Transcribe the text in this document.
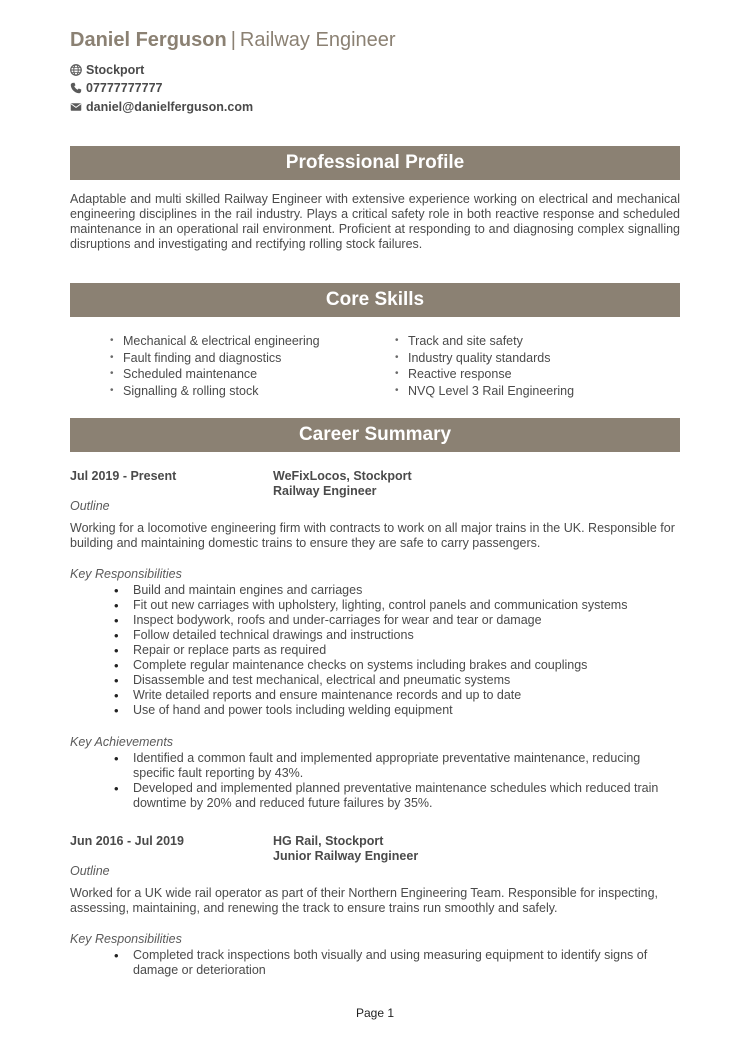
Daniel Ferguson | Railway Engineer
Stockport
07777777777
daniel@danielferguson.com
Professional Profile
Adaptable and multi skilled Railway Engineer with extensive experience working on electrical and mechanical engineering disciplines in the rail industry. Plays a critical safety role in both reactive response and scheduled maintenance in an operational rail environment. Proficient at responding to and diagnosing complex signalling disruptions and investigating and rectifying rolling stock failures.
Core Skills
• Mechanical & electrical engineering
• Fault finding and diagnostics
• Scheduled maintenance
• Signalling & rolling stock
• Track and site safety
• Industry quality standards
• Reactive response
• NVQ Level 3 Rail Engineering
Career Summary
Jul 2019 - Present	WeFixLocos, Stockport
Railway Engineer
Outline
Working for a locomotive engineering firm with contracts to work on all major trains in the UK. Responsible for building and maintaining domestic trains to ensure they are safe to carry passengers.
Key Responsibilities
• Build and maintain engines and carriages
• Fit out new carriages with upholstery, lighting, control panels and communication systems
• Inspect bodywork, roofs and under-carriages for wear and tear or damage
• Follow detailed technical drawings and instructions
• Repair or replace parts as required
• Complete regular maintenance checks on systems including brakes and couplings
• Disassemble and test mechanical, electrical and pneumatic systems
• Write detailed reports and ensure maintenance records and up to date
• Use of hand and power tools including welding equipment
Key Achievements
• Identified a common fault and implemented appropriate preventative maintenance, reducing specific fault reporting by 43%.
• Developed and implemented planned preventative maintenance schedules which reduced train downtime by 20% and reduced future failures by 35%.
Jun 2016 - Jul 2019	HG Rail, Stockport
Junior Railway Engineer
Outline
Worked for a UK wide rail operator as part of their Northern Engineering Team. Responsible for inspecting, assessing, maintaining, and renewing the track to ensure trains run smoothly and safely.
Key Responsibilities
• Completed track inspections both visually and using measuring equipment to identify signs of damage or deterioration
Page 1
